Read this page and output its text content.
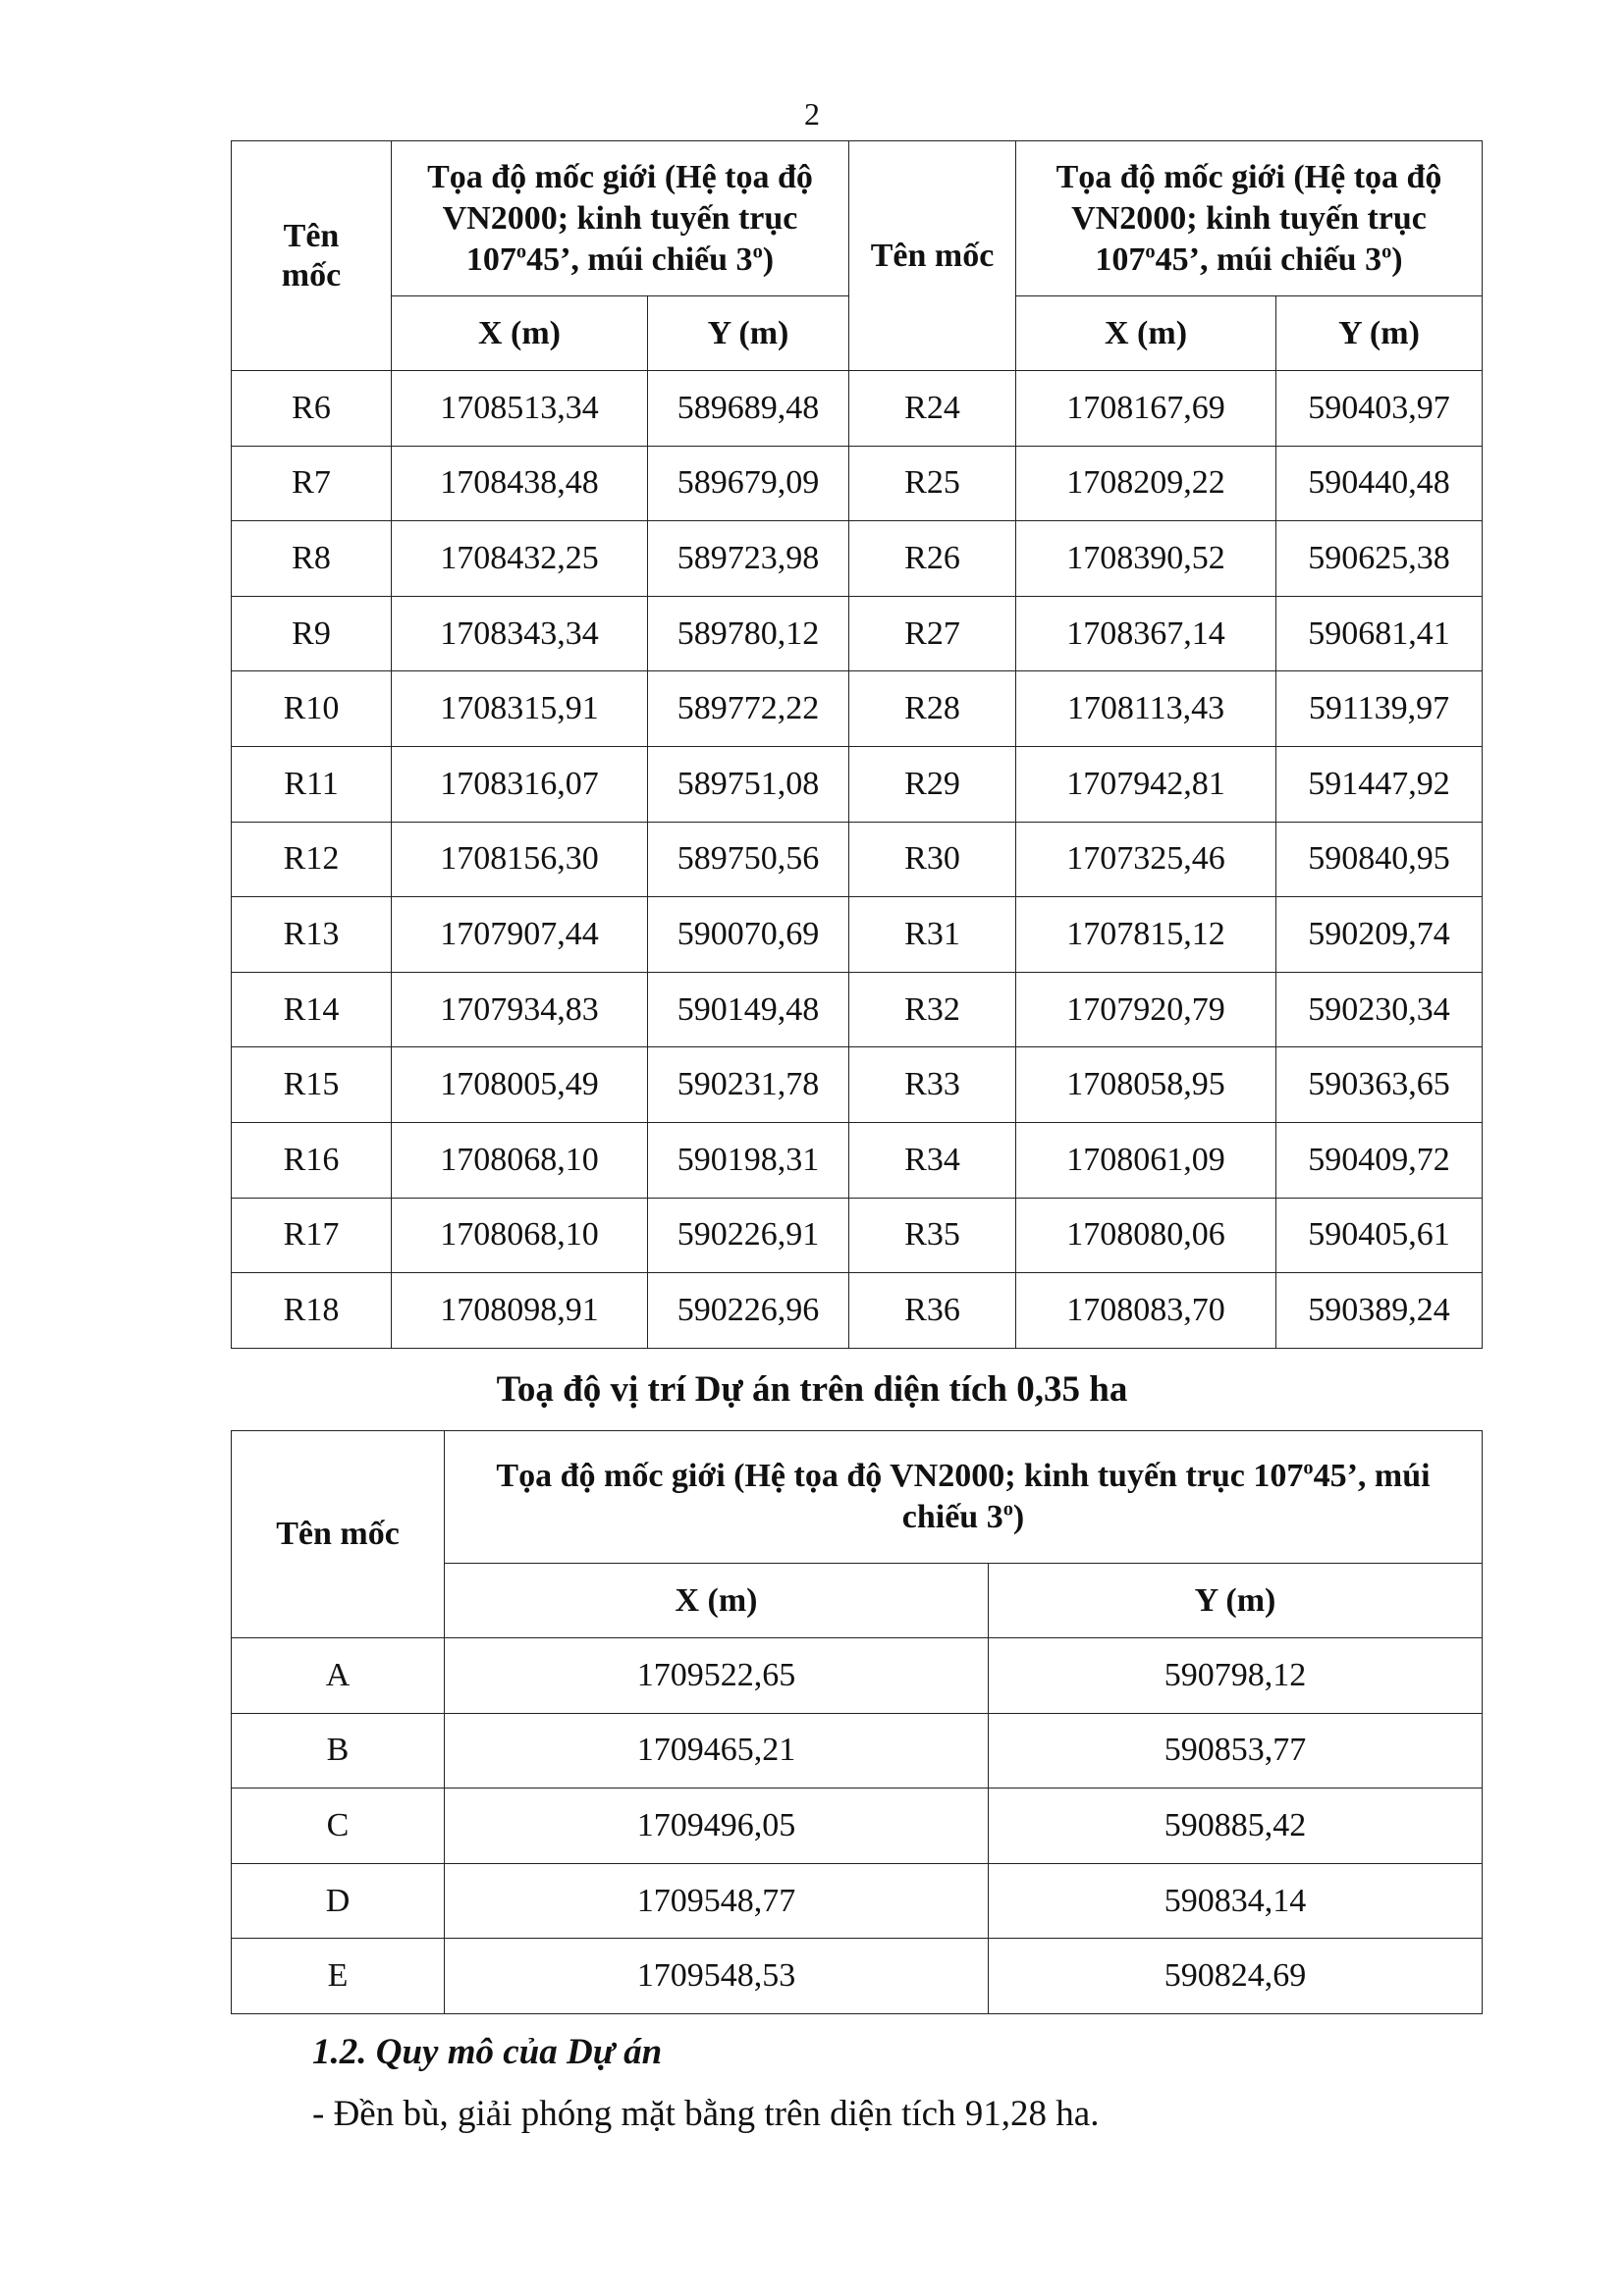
2
Tên mốc	Tọa độ mốc giới (Hệ tọa độ VN2000; kinh tuyến trục 107$^o$45’, múi chiếu 3$^o$)		Tên mốc	Tọa độ mốc giới (Hệ tọa độ VN2000; kinh tuyến trục 107$^o$45’, múi chiếu 3$^o$)	
	X (m)	Y (m)		X (m)	Y (m)
R6	1708513,34	589689,48	R24	1708167,69	590403,97
R7	1708438,48	589679,09	R25	1708209,22	590440,48
R8	1708432,25	589723,98	R26	1708390,52	590625,38
R9	1708343,34	589780,12	R27	1708367,14	590681,41
R10	1708315,91	589772,22	R28	1708113,43	591139,97
R11	1708316,07	589751,08	R29	1707942,81	591447,92
R12	1708156,30	589750,56	R30	1707325,46	590840,95
R13	1707907,44	590070,69	R31	1707815,12	590209,74
R14	1707934,83	590149,48	R32	1707920,79	590230,34
R15	1708005,49	590231,78	R33	1708058,95	590363,65
R16	1708068,10	590198,31	R34	1708061,09	590409,72
R17	1708068,10	590226,91	R35	1708080,06	590405,61
R18	1708098,91	590226,96	R36	1708083,70	590389,24
Toạ độ vị trí Dự án trên diện tích 0,35 ha
Tên mốc	Tọa độ mốc giới (Hệ tọa độ VN2000; kinh tuyến trục 107$^o$45’, múi chiếu 3$^o$)	
	X (m)	Y (m)
A	1709522,65	590798,12
B	1709465,21	590853,77
C	1709496,05	590885,42
D	1709548,77	590834,14
E	1709548,53	590824,69
1.2. Quy mô của Dự án
- Đền bù, giải phóng mặt bằng trên diện tích 91,28 ha.
